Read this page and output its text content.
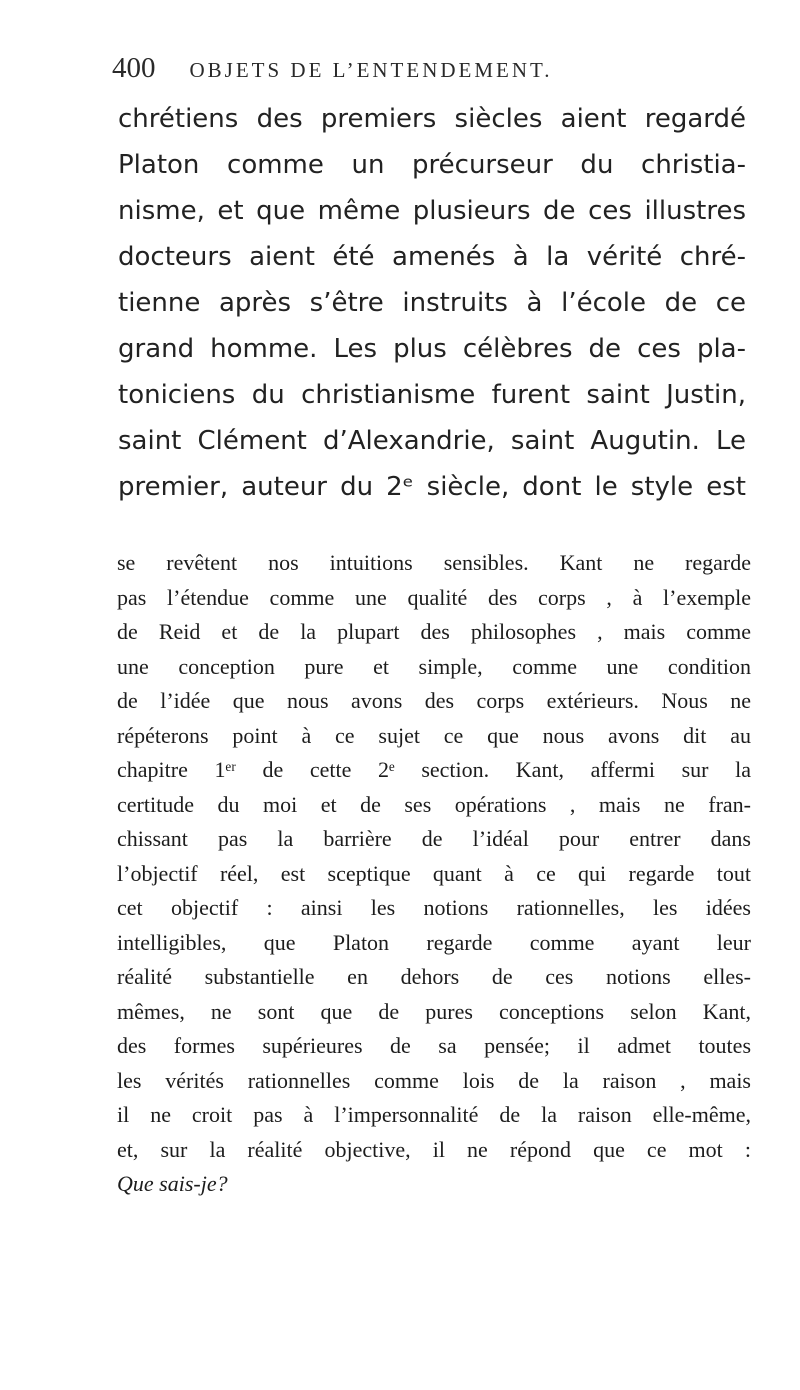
400 OBJETS DE L’ENTENDEMENT.
chrétiens des premiers siècles aient regardé
Platon comme un précurseur du christia-
nisme, et que même plusieurs de ces illustres
docteurs aient été amenés à la vérité chré-
tienne après s’être instruits à l’école de ce
grand homme. Les plus célèbres de ces pla-
toniciens du christianisme furent saint Justin,
saint Clément d’Alexandrie, saint Augutin. Le
premier, auteur du 2ᵉ siècle, dont le style est
se revêtent nos intuitions sensibles. Kant ne regarde
pas l’étendue comme une qualité des corps , à l’exemple
de Reid et de la plupart des philosophes , mais comme
une conception pure et simple, comme une condition
de l’idée que nous avons des corps extérieurs. Nous ne
répéterons point à ce sujet ce que nous avons dit au
chapitre 1ᵉʳ de cette 2ᵉ section. Kant, affermi sur la
certitude du moi et de ses opérations , mais ne fran-
chissant pas la barrière de l’idéal pour entrer dans
l’objectif réel, est sceptique quant à ce qui regarde tout
cet objectif : ainsi les notions rationnelles, les idées
intelligibles, que Platon regarde comme ayant leur
réalité substantielle en dehors de ces notions elles-
mêmes, ne sont que de pures conceptions selon Kant,
des formes supérieures de sa pensée; il admet toutes
les vérités rationnelles comme lois de la raison , mais
il ne croit pas à l’impersonnalité de la raison elle-même,
et, sur la réalité objective, il ne répond que ce mot :
Que sais-je?
